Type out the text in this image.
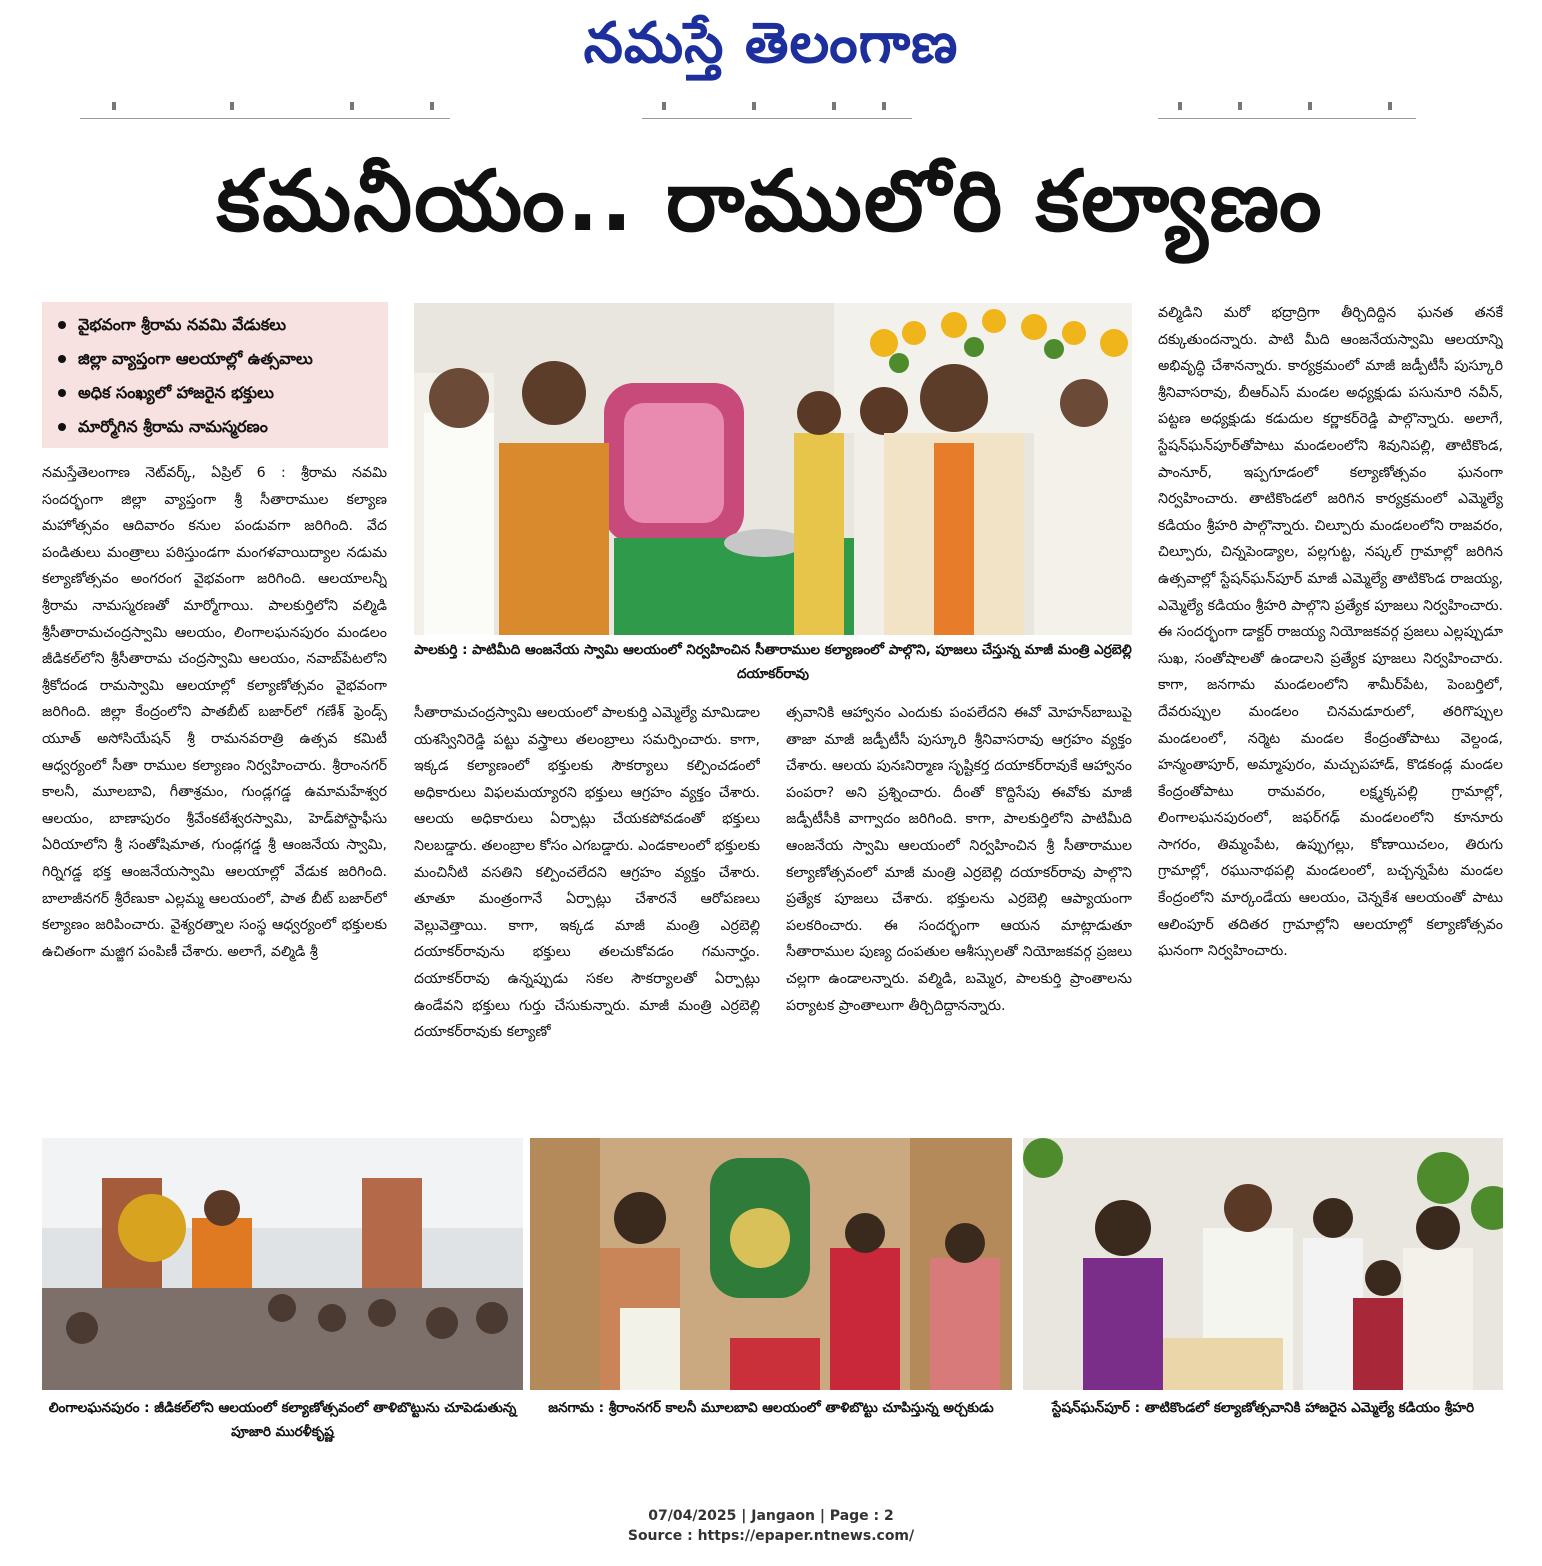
నమస్తే తెలంగాణ
కమనీయం.. రాములోరి కల్యాణం
వైభవంగా శ్రీరామ నవమి వేడుకలు
జిల్లా వ్యాప్తంగా ఆలయాల్లో ఉత్సవాలు
అధిక సంఖ్యలో హాజరైన భక్తులు
మార్మోగిన శ్రీరామ నామస్మరణం
పాలకుర్తి : పాటిమీది ఆంజనేయ స్వామి ఆలయంలో నిర్వహించిన సీతారాముల కల్యాణంలో పాల్గొని, పూజలు చేస్తున్న మాజీ మంత్రి ఎర్రబెల్లి దయాకర్‌రావు

నమస్తేతెలంగాణ నెట్‌వర్క్, ఏప్రిల్ 6 : శ్రీరామ నవమి సందర్భంగా జిల్లా వ్యాప్తంగా శ్రీ సీతారాముల కల్యాణ మహోత్సవం ఆదివారం కనుల పండువగా జరిగింది. వేద పండితులు మంత్రాలు పఠిస్తుండగా మంగళవాయిద్యాల నడుమ కల్యాణోత్సవం అంగరంగ వైభవంగా జరిగింది. ఆలయాలన్నీ శ్రీరామ నామస్మరణతో మార్మోగాయి. పాలకుర్తిలోని వల్మిడి శ్రీసీతారామచంద్రస్వామి ఆలయం, లింగాలఘనపురం మండలం జీడికల్‌లోని శ్రీసీతారామ చంద్రస్వామి ఆలయం, నవాబ్‌పేటలోని శ్రీకోదండ రామస్వామి ఆలయాల్లో కల్యాణోత్సవం వైభవంగా జరిగింది. జిల్లా కేంద్రంలోని పాతబీట్ బజార్‌లో గణేశ్ ఫ్రెండ్స్ యూత్ అసోసియేషన్ శ్రీ రామనవరాత్రి ఉత్సవ కమిటీ ఆధ్వర్యంలో సీతా రాముల కల్యాణం నిర్వహించారు. శ్రీరాంనగర్ కాలనీ, మూలబావి, గీతాశ్రమం, గుండ్లగడ్డ ఉమామహేశ్వర ఆలయం, బాణాపురం శ్రీవేంకటేశ్వరస్వామి, హెడ్‌పోస్టాఫీసు ఏరియాలోని శ్రీ సంతోషిమాత, గుండ్లగడ్డ శ్రీ ఆంజనేయ స్వామి, గిర్నిగడ్డ భక్త ఆంజనేయస్వామి ఆలయాల్లో వేడుక జరిగింది. బాలాజీనగర్ శ్రీరేణుకా ఎల్లమ్మ ఆలయంలో, పాత బీట్ బజార్‌లో కల్యాణం జరిపించారు. వైశ్యరత్నాల సంస్థ ఆధ్వర్యంలో భక్తులకు ఉచితంగా మజ్జిగ పంపిణీ చేశారు. అలాగే, వల్మిడి శ్రీ

సీతారామచంద్రస్వామి ఆలయంలో పాలకుర్తి ఎమ్మెల్యే మామిడాల యశస్వినిరెడ్డి పట్టు వస్త్రాలు తలంబ్రాలు సమర్పించారు. కాగా, ఇక్కడ కల్యాణంలో భక్తులకు సౌకర్యాలు కల్పించడంలో అధికారులు విఫలమయ్యారని భక్తులు ఆగ్రహం వ్యక్తం చేశారు. ఆలయ అధికారులు ఏర్పాట్లు చేయకపోవడంతో భక్తులు నిలబడ్డారు. తలంబ్రాల కోసం ఎగబడ్డారు. ఎండకాలంలో భక్తులకు మంచినీటి వసతిని కల్పించలేదని ఆగ్రహం వ్యక్తం చేశారు. తూతూ మంత్రంగానే ఏర్పాట్లు చేశారనే ఆరోపణలు వెల్లువెత్తాయి. కాగా, ఇక్కడ మాజీ మంత్రి ఎర్రబెల్లి దయాకర్‌రావును భక్తులు తలచుకోవడం గమనార్హం. దయాకర్‌రావు ఉన్నప్పుడు సకల సౌకర్యాలతో ఏర్పాట్లు ఉండేవని భక్తులు గుర్తు చేసుకున్నారు. మాజీ మంత్రి ఎర్రబెల్లి దయాకర్‌రావుకు కల్యాణో

త్సవానికి ఆహ్వానం ఎందుకు పంపలేదని ఈవో మోహన్‌బాబుపై తాజా మాజీ జడ్పీటీసీ పుస్కూరి శ్రీనివాసరావు ఆగ్రహం వ్యక్తం చేశారు. ఆలయ పునఃనిర్మాణ సృష్టికర్త దయాకర్‌రావుకే ఆహ్వానం పంపరా? అని ప్రశ్నించారు. దీంతో కొద్దిసేపు ఈవోకు మాజీ జడ్పీటీసీకి వాగ్వాదం జరిగింది. కాగా, పాలకుర్తిలోని పాటిమీది ఆంజనేయ స్వామి ఆలయంలో నిర్వహించిన శ్రీ సీతారాముల కల్యాణోత్సవంలో మాజీ మంత్రి ఎర్రబెల్లి దయాకర్‌రావు పాల్గొని ప్రత్యేక పూజలు చేశారు. భక్తులను ఎర్రబెల్లి ఆప్యాయంగా పలకరించారు. ఈ సందర్భంగా ఆయన మాట్లాడుతూ సీతారాముల పుణ్య దంపతుల ఆశీస్సులతో నియోజకవర్గ ప్రజలు చల్లగా ఉండాలన్నారు. వల్మిడి, బమ్మెర, పాలకుర్తి ప్రాంతాలను పర్యాటక ప్రాంతాలుగా తీర్చిదిద్దానన్నారు.

వల్మిడిని మరో భద్రాద్రిగా తీర్చిదిద్దిన ఘనత తనకే దక్కుతుందన్నారు. పాటి మీది ఆంజనేయస్వామి ఆలయాన్ని అభివృద్ధి చేశానన్నారు. కార్యక్రమంలో మాజీ జడ్పీటీసీ పుస్కూరి శ్రీనివాసరావు, బీఆర్‌ఎస్ మండల అధ్యక్షుడు పసునూరి నవీన్, పట్టణ అధ్యక్షుడు కడుదుల కర్ణాకర్‌రెడ్డి పాల్గొన్నారు. అలాగే, స్టేషన్‌ఘన్‌పూర్‌తోపాటు మండలంలోని శివునిపల్లి, తాటికొండ, పాంనూర్, ఇప్పగూడంలో కల్యాణోత్సవం ఘనంగా నిర్వహించారు. తాటికొండలో జరిగిన కార్యక్రమంలో ఎమ్మెల్యే కడియం శ్రీహరి పాల్గొన్నారు. చిల్పూరు మండలంలోని రాజవరం, చిల్పూరు, చిన్నపెండ్యాల, పల్లగుట్ట, నష్కల్ గ్రామాల్లో జరిగిన ఉత్సవాల్లో స్టేషన్‌ఘన్‌పూర్ మాజీ ఎమ్మెల్యే తాటికొండ రాజయ్య, ఎమ్మెల్యే కడియం శ్రీహరి పాల్గొని ప్రత్యేక పూజలు నిర్వహించారు. ఈ సందర్భంగా డాక్టర్ రాజయ్య నియోజకవర్గ ప్రజలు ఎల్లప్పుడూ సుఖ, సంతోషాలతో ఉండాలని ప్రత్యేక పూజలు నిర్వహించారు. కాగా, జనగామ మండలంలోని శామీర్‌పేట, పెంబర్తిలో, దేవరుప్పుల మండలం చినమడూరులో, తరిగొప్పుల మండలంలో, నర్మెట మండల కేంద్రంతోపాటు వెల్దండ, హన్మంతాపూర్, అమ్మాపురం, మచ్చుపహాడ్, కొడకండ్ల మండల కేంద్రంతోపాటు రామవరం, లక్ష్మక్కపల్లి గ్రామాల్లో, లింగాలఘనపురంలో, జఫర్‌గఢ్ మండలంలోని కూనూరు సాగరం, తిమ్మంపేట, ఉప్పుగల్లు, కోణాయిచలం, తిరుగు గ్రామాల్లో, రఘునాథపల్లి మండలంలో, బచ్చన్నపేట మండల కేంద్రంలోని మార్కండేయ ఆలయం, చెన్నకేశ ఆలయంతో పాటు ఆలింపూర్ తదితర గ్రామాల్లోని ఆలయాల్లో కల్యాణోత్సవం ఘనంగా నిర్వహించారు.

లింగాలఘనపురం : జీడికల్‌లోని ఆలయంలో కల్యాణోత్సవంలో తాళిబొట్టును చూపెడుతున్న పూజారి మురళీకృష్ణ
జనగామ : శ్రీరాంనగర్ కాలనీ మూలబావి ఆలయంలో తాళిబొట్టు చూపిస్తున్న అర్చకుడు	స్టేషన్‌ఘన్‌పూర్ : తాటికొండలో కల్యాణోత్సవానికి హాజరైన ఎమ్మెల్యే కడియం శ్రీహరి
07/04/2025 | Jangaon | Page : 2
Source : https://epaper.ntnews.com/
